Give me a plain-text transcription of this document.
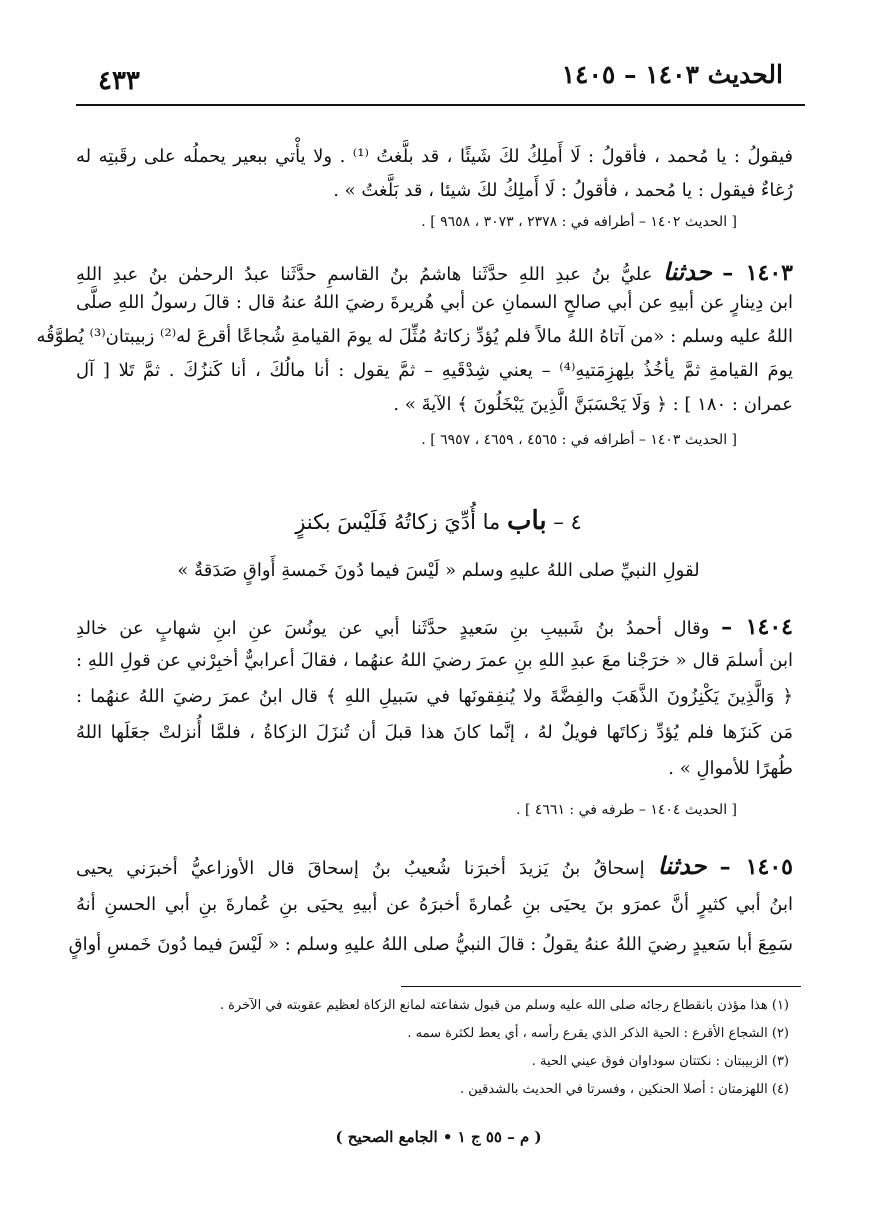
٤٣٣	الحديث ١٤٠٣ – ١٤٠٥
فيقولُ : يا مُحمد ، فأقولُ : لَا أَملِكُ لكَ شَيئًا ، قد بلَّغتُ ⁽¹⁾ . ولا يأْتي ببعير يحملُه على رقَبتِه له
رُغاءٌ فيقول : يا مُحمد ، فأقولُ : لَا أَملِكُ لكَ شيئا ، قد بَلَّغتُ » .
[ الحديث ١٤٠٢ – أطرافه في : ٢٣٧٨ ، ٣٠٧٣ ، ٩٦٥٨ ] .
١٤٠٣ – حدثنا عليُّ بنُ عبدِ اللهِ حدَّثَنا هاشمُ بنُ القاسمِ حدَّثَنا عبدُ الرحمٰن بنُ عبدِ اللهِ
ابن دِينارٍ عن أبيهِ عن أبي صالحٍ السمانِ عن أبي هُريرةَ رضيَ اللهُ عنهُ قال : قالَ رسولُ اللهِ صلَّى
اللهُ عليه وسلم : «من آتاهُ اللهُ مالاً فلم يُؤدِّ زكاتهُ مُثِّلَ له يومَ القيامةِ شُجاعًا أقرعَ له⁽²⁾ زبيبتان⁽³⁾ يُطوَّقُه
يومَ القيامةِ ثمَّ يأخُذُ بلِهزِمَتيهِ⁽⁴⁾ – يعني شِدْقَيهِ – ثمَّ يقول : أنا مالُكَ ، أنا كَنزُكَ . ثمَّ تَلا [ آل
عمران : ١٨٠ ] : ﴿ وَلَا يَحْسَبَنَّ الَّذِينَ يَبْخَلُونَ ﴾ الآيةَ » .
[ الحديث ١٤٠٣ – أطرافه في : ٤٥٦٥ ، ٤٦٥٩ ، ٦٩٥٧ ] .
٤ – باب ما أُدِّيَ زكاتُهُ فَلَيْسَ بكنزٍ
لقولِ النبيِّ صلى اللهُ عليهِ وسلم « لَيْسَ فيما دُونَ خَمسةِ أَواقٍ صَدَقةٌ »
١٤٠٤ – وقال أحمدُ بنُ شَبيبِ بنِ سَعيدٍ حدَّثَنا أبي عن يونُسَ عنِ ابنِ شهابٍ عن خالدِ
ابن أسلمَ قال « خرَجْنا معَ عبدِ اللهِ بنِ عمرَ رضيَ اللهُ عنهُما ، فقالَ أعرابيٌّ أخبِرْني عن قولِ اللهِ :
﴿ وَالَّذِينَ يَكْنِزُونَ الذَّهَبَ والفِضَّةَ ولا يُنفِقونَها في سَبيلِ اللهِ ﴾ قال ابنُ عمرَ رضيَ اللهُ عنهُما :
مَن كَنزَها فلم يُؤدِّ زكاتَها فويلٌ لهُ ، إنَّما كانَ هذا قبلَ أن تُنزَلَ الزكاةُ ، فلمَّا أُنزلتْ جعَلَها اللهُ
طُهرًا للأموالِ » .
[ الحديث ١٤٠٤ – طرفه في : ٤٦٦١ ] .
١٤٠٥ – حدثنا إسحاقُ بنُ يَزيدَ أخبرَنا شُعيبُ بنُ إسحاقَ قال الأوزاعيُّ أخبرَني يحيى
ابنُ أبي كثيرٍ أنَّ عمرَو بنَ يحيَى بنِ عُمارةَ أخبرَهُ عن أبيهِ يحيَى بنِ عُمارةَ بنِ أبي الحسنِ أنهُ
سَمِعَ أبا سَعيدٍ رضيَ اللهُ عنهُ يقولُ : قالَ النبيُّ صلى اللهُ عليهِ وسلم : « لَيْسَ فيما دُونَ خَمسِ أواقٍ
(١) هذا مؤذن بانقطاع رجائه صلى الله عليه وسلم من قبول شفاعته لمانع الزكاة لعظيم عقوبته في الآخرة .
(٢) الشجاع الأقرع : الحية الذكر الذي يقرع رأسه ، أي يعط لكثرة سمه .
(٣) الزبيبتان : نكتتان سوداوان فوق عيني الحية .
(٤) اللهزمتان : أصلا الحنكين ، وفسرتا في الحديث بالشدقين .
( م – ٥٥ ج ١ • الجامع الصحيح )
